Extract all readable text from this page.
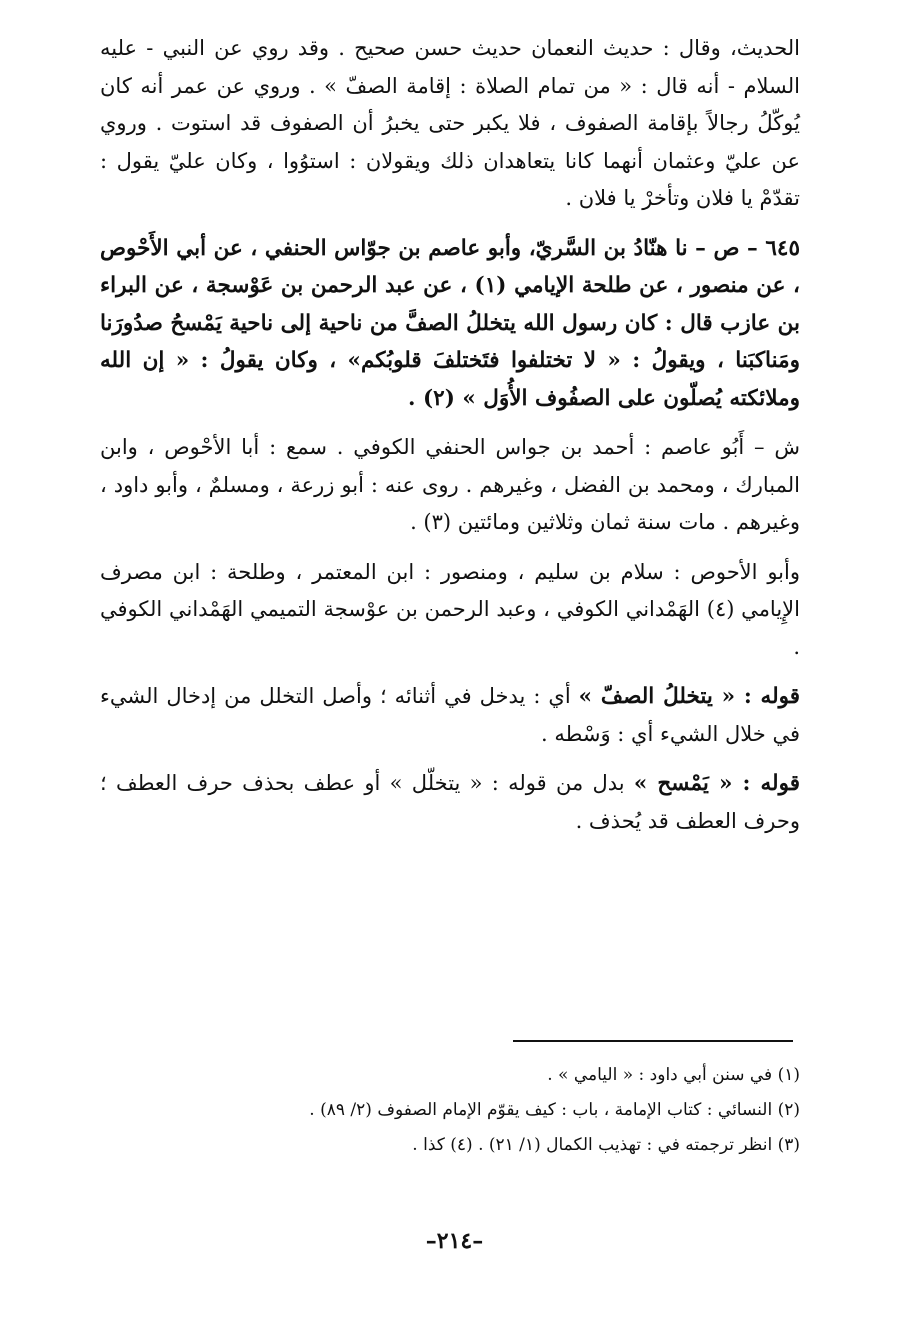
الحديث، وقال : حديث النعمان حديث حسن صحيح . وقد روي عن النبي - عليه السلام - أنه قال : « من تمام الصلاة : إقامة الصفّ » . وروي عن عمر أنه كان يُوكّلُ رجالاً بإقامة الصفوف ، فلا يكبر حتى يخبرُ أن الصفوف قد استوت . وروي عن عليّ وعثمان أنهما كانا يتعاهدان ذلك ويقولان : استوُوا ، وكان عليّ يقول : تقدّمْ يا فلان وتأخرْ يا فلان .

٦٤٥ – ص – نا هنّادُ بن السَّريّ، وأبو عاصم بن جوّاس الحنفي ، عن أبي الأَحْوص ، عن منصور ، عن طلحة الإيامي (١) ، عن عبد الرحمن بن عَوْسجة ، عن البراء بن عازب قال : كان رسول الله يتخللُ الصفَّ من ناحية إلى ناحية يَمْسحُ صدُورَنا ومَناكبَنا ، ويقولُ : « لا تختلفوا فتَختلفَ قلوبُكم» ، وكان يقولُ : « إن الله وملائكته يُصلّون على الصفُوف الأُوَل » (٢) .

ش – أَبُو عاصم : أحمد بن جواس الحنفي الكوفي . سمع : أبا الأحْوص ، وابن المبارك ، ومحمد بن الفضل ، وغيرهم . روى عنه : أبو زرعة ، ومسلمٌ ، وأبو داود ، وغيرهم . مات سنة ثمان وثلاثين ومائتين (٣) .

وأبو الأحوص : سلام بن سليم ، ومنصور : ابن المعتمر ، وطلحة : ابن مصرف الإِيامي (٤) الهَمْداني الكوفي ، وعبد الرحمن بن عوْسجة التميمي الهَمْداني الكوفي .

قوله : « يتخللُ الصفّ » أي : يدخل في أثنائه ؛ وأصل التخلل من إدخال الشيء في خلال الشيء أي : وَسْطه .

قوله : « يَمْسح » بدل من قوله : « يتخلّل » أو عطف بحذف حرف العطف ؛ وحرف العطف قد يُحذف .

(١) في سنن أبي داود : « اليامي » .
(٢) النسائي : كتاب الإمامة ، باب : كيف يقوّم الإمام الصفوف (٢/ ٨٩) .
(٣) انظر ترجمته في : تهذيب الكمال (١/ ٢١) . (٤) كذا .
–٢١٤–
